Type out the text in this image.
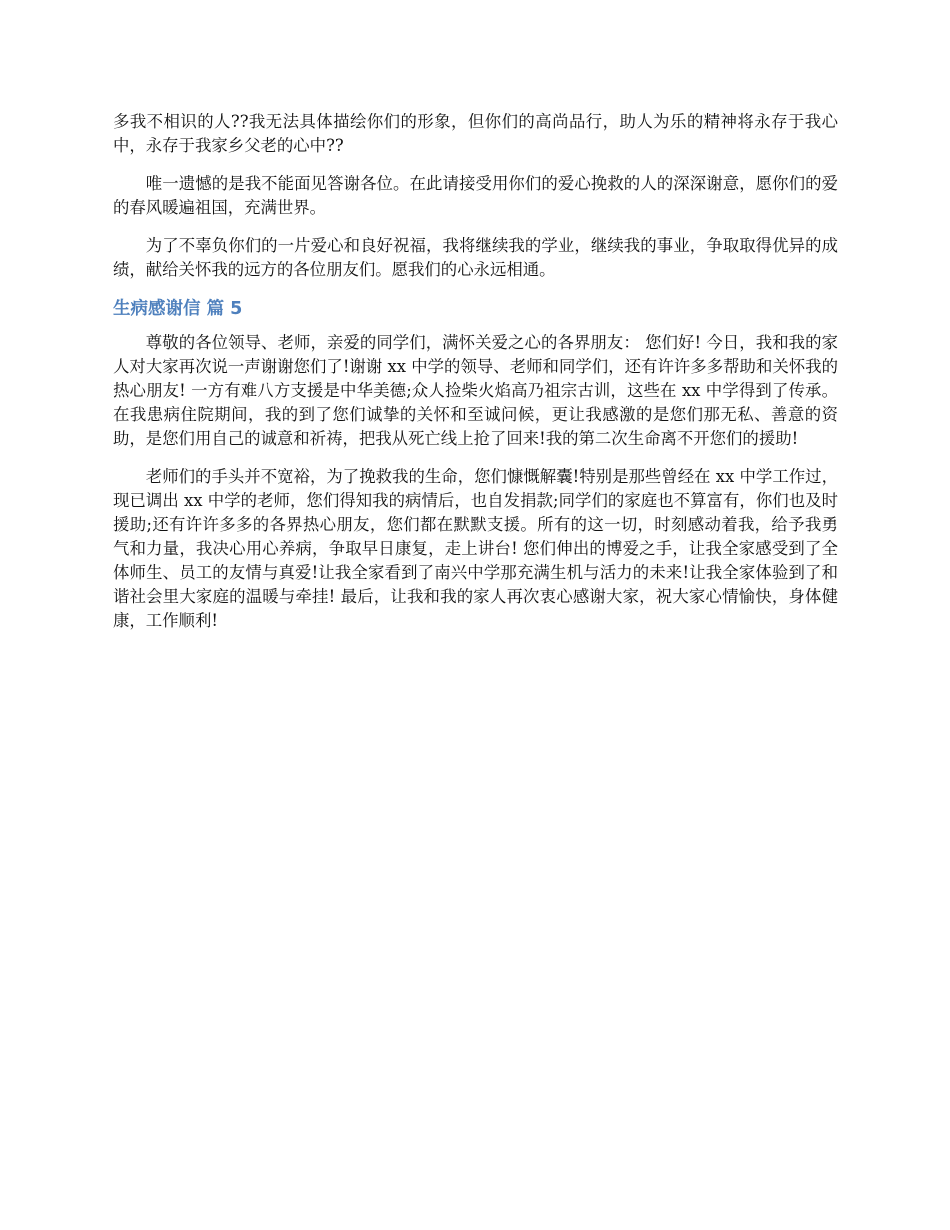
多我不相识的人??我无法具体描绘你们的形象，但你们的高尚品行，助人为乐的精神将永存于我心中，永存于我家乡父老的心中??

唯一遗憾的是我不能面见答谢各位。在此请接受用你们的爱心挽救的人的深深谢意，愿你们的爱的春风暖遍祖国，充满世界。

为了不辜负你们的一片爱心和良好祝福，我将继续我的学业，继续我的事业，争取取得优异的成绩，献给关怀我的远方的各位朋友们。愿我们的心永远相通。

生病感谢信 篇 5

尊敬的各位领导、老师，亲爱的同学们，满怀关爱之心的各界朋友： 您们好! 今日，我和我的家人对大家再次说一声谢谢您们了!谢谢 xx 中学的领导、老师和同学们，还有许许多多帮助和关怀我的热心朋友! 一方有难八方支援是中华美德;众人捡柴火焰高乃祖宗古训，这些在 xx 中学得到了传承。在我患病住院期间，我的到了您们诚挚的关怀和至诚问候，更让我感激的是您们那无私、善意的资助，是您们用自己的诚意和祈祷，把我从死亡线上抢了回来!我的第二次生命离不开您们的援助!

老师们的手头并不宽裕，为了挽救我的生命，您们慷慨解囊!特别是那些曾经在 xx 中学工作过，现已调出 xx 中学的老师，您们得知我的病情后，也自发捐款;同学们的家庭也不算富有，你们也及时援助;还有许许多多的各界热心朋友，您们都在默默支援。所有的这一切，时刻感动着我，给予我勇气和力量，我决心用心养病，争取早日康复，走上讲台! 您们伸出的博爱之手，让我全家感受到了全体师生、员工的友情与真爱!让我全家看到了南兴中学那充满生机与活力的未来!让我全家体验到了和谐社会里大家庭的温暖与牵挂! 最后，让我和我的家人再次衷心感谢大家，祝大家心情愉快，身体健康，工作顺利!
